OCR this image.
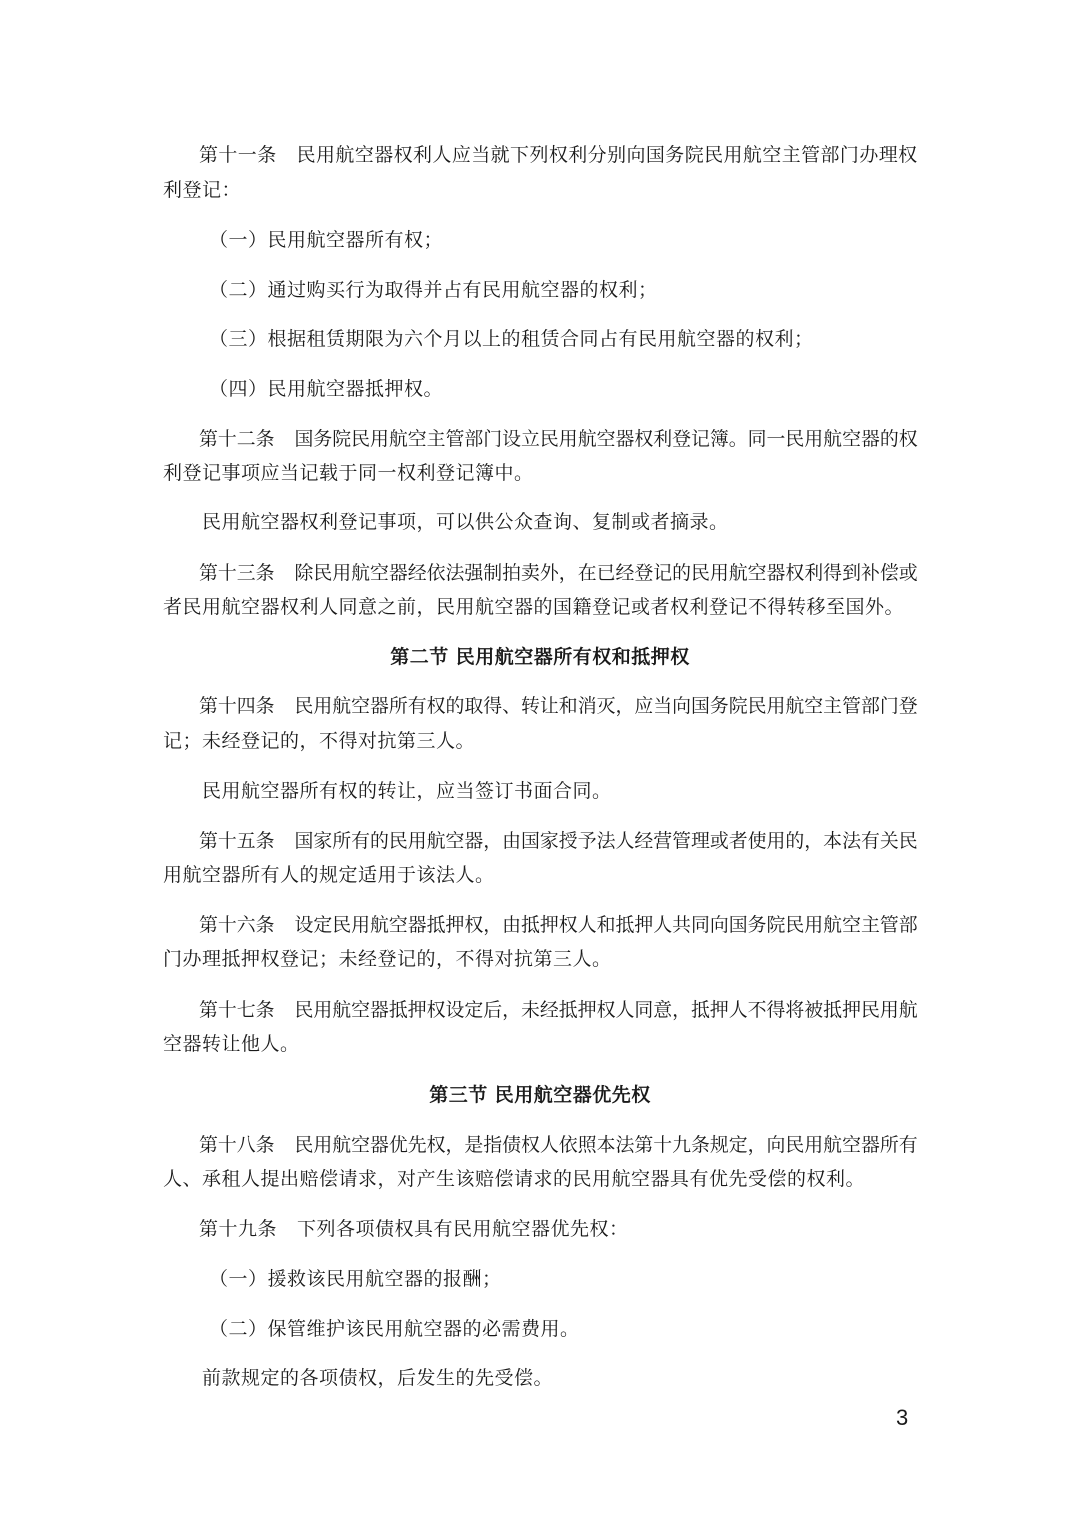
第十一条 民用航空器权利人应当就下列权利分别向国务院民用航空主管部门办理权
利登记：
（一）民用航空器所有权；
（二）通过购买行为取得并占有民用航空器的权利；
（三）根据租赁期限为六个月以上的租赁合同占有民用航空器的权利；
（四）民用航空器抵押权。
第十二条 国务院民用航空主管部门设立民用航空器权利登记簿。同一民用航空器的权
利登记事项应当记载于同一权利登记簿中。
民用航空器权利登记事项，可以供公众查询、复制或者摘录。
第十三条 除民用航空器经依法强制拍卖外，在已经登记的民用航空器权利得到补偿或
者民用航空器权利人同意之前，民用航空器的国籍登记或者权利登记不得转移至国外。
第二节 民用航空器所有权和抵押权
第十四条 民用航空器所有权的取得、转让和消灭，应当向国务院民用航空主管部门登
记；未经登记的，不得对抗第三人。
民用航空器所有权的转让，应当签订书面合同。
第十五条 国家所有的民用航空器，由国家授予法人经营管理或者使用的，本法有关民
用航空器所有人的规定适用于该法人。
第十六条 设定民用航空器抵押权，由抵押权人和抵押人共同向国务院民用航空主管部
门办理抵押权登记；未经登记的，不得对抗第三人。
第十七条 民用航空器抵押权设定后，未经抵押权人同意，抵押人不得将被抵押民用航
空器转让他人。
第三节 民用航空器优先权
第十八条 民用航空器优先权，是指债权人依照本法第十九条规定，向民用航空器所有
人、承租人提出赔偿请求，对产生该赔偿请求的民用航空器具有优先受偿的权利。
第十九条 下列各项债权具有民用航空器优先权：
（一）援救该民用航空器的报酬；
（二）保管维护该民用航空器的必需费用。
前款规定的各项债权，后发生的先受偿。
3
